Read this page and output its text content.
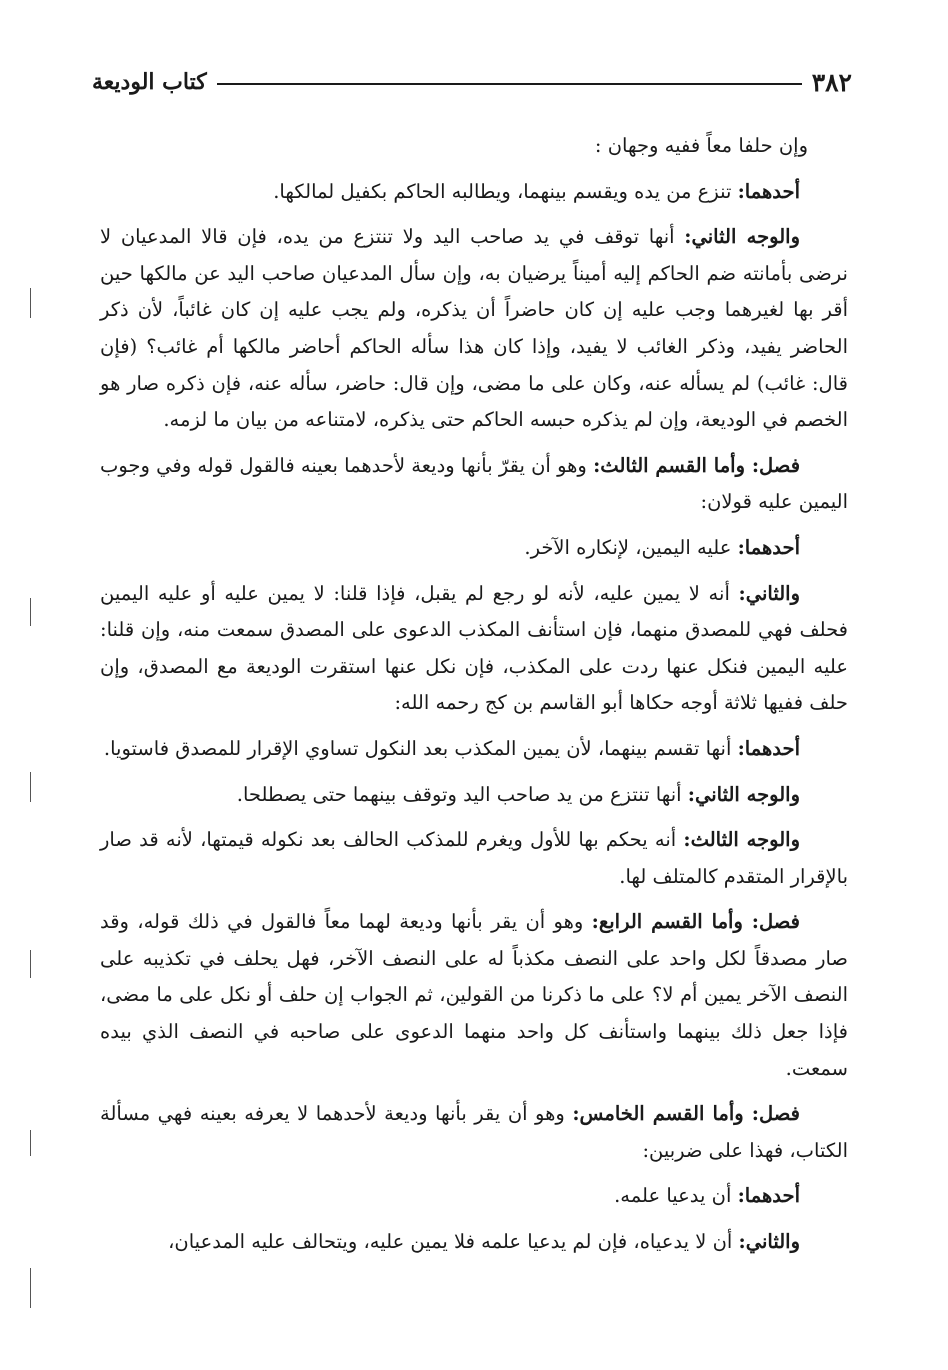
٣٨٢
كتاب الوديعة

وإن حلفا معاً ففيه وجهان :

أحدهما: تنزع من يده ويقسم بينهما، ويطالبه الحاكم بكفيل لمالكها.

والوجه الثاني: أنها توقف في يد صاحب اليد ولا تنتزع من يده، فإن قالا المدعيان لا نرضى بأمانته ضم الحاكم إليه أميناً يرضيان به، وإن سأل المدعيان صاحب اليد عن مالكها حين أقر بها لغيرهما وجب عليه إن كان حاضراً أن يذكره، ولم يجب عليه إن كان غائباً، لأن ذكر الحاضر يفيد، وذكر الغائب لا يفيد، وإذا كان هذا سأله الحاكم أحاضر مالكها أم غائب؟ (فإن قال: غائب) لم يسأله عنه، وكان على ما مضى، وإن قال: حاضر، سأله عنه، فإن ذكره صار هو الخصم في الوديعة، وإن لم يذكره حبسه الحاكم حتى يذكره، لامتناعه من بيان ما لزمه.

فصل: وأما القسم الثالث: وهو أن يقرّ بأنها وديعة لأحدهما بعينه فالقول قوله وفي وجوب اليمين عليه قولان:

أحدهما: عليه اليمين، لإنكاره الآخر.

والثاني: أنه لا يمين عليه، لأنه لو رجع لم يقبل، فإذا قلنا: لا يمين عليه أو عليه اليمين فحلف فهي للمصدق منهما، فإن استأنف المكذب الدعوى على المصدق سمعت منه، وإن قلنا: عليه اليمين فنكل عنها ردت على المكذب، فإن نكل عنها استقرت الوديعة مع المصدق، وإن حلف ففيها ثلاثة أوجه حكاها أبو القاسم بن كج رحمه الله:

أحدهما: أنها تقسم بينهما، لأن يمين المكذب بعد النكول تساوي الإقرار للمصدق فاستويا.

والوجه الثاني: أنها تنتزع من يد صاحب اليد وتوقف بينهما حتى يصطلحا.

والوجه الثالث: أنه يحكم بها للأول ويغرم للمذكب الحالف بعد نكوله قيمتها، لأنه قد صار بالإقرار المتقدم كالمتلف لها.

فصل: وأما القسم الرابع: وهو أن يقر بأنها وديعة لهما معاً فالقول في ذلك قوله، وقد صار مصدقاً لكل واحد على النصف مكذباً له على النصف الآخر، فهل يحلف في تكذيبه على النصف الآخر يمين أم لا؟ على ما ذكرنا من القولين، ثم الجواب إن حلف أو نكل على ما مضى، فإذا جعل ذلك بينهما واستأنف كل واحد منهما الدعوى على صاحبه في النصف الذي بيده سمعت.

فصل: وأما القسم الخامس: وهو أن يقر بأنها وديعة لأحدهما لا يعرفه بعينه فهي مسألة الكتاب، فهذا على ضربين:

أحدهما: أن يدعيا علمه.

والثاني: أن لا يدعياه، فإن لم يدعيا علمه فلا يمين عليه، ويتحالف عليه المدعيان،
